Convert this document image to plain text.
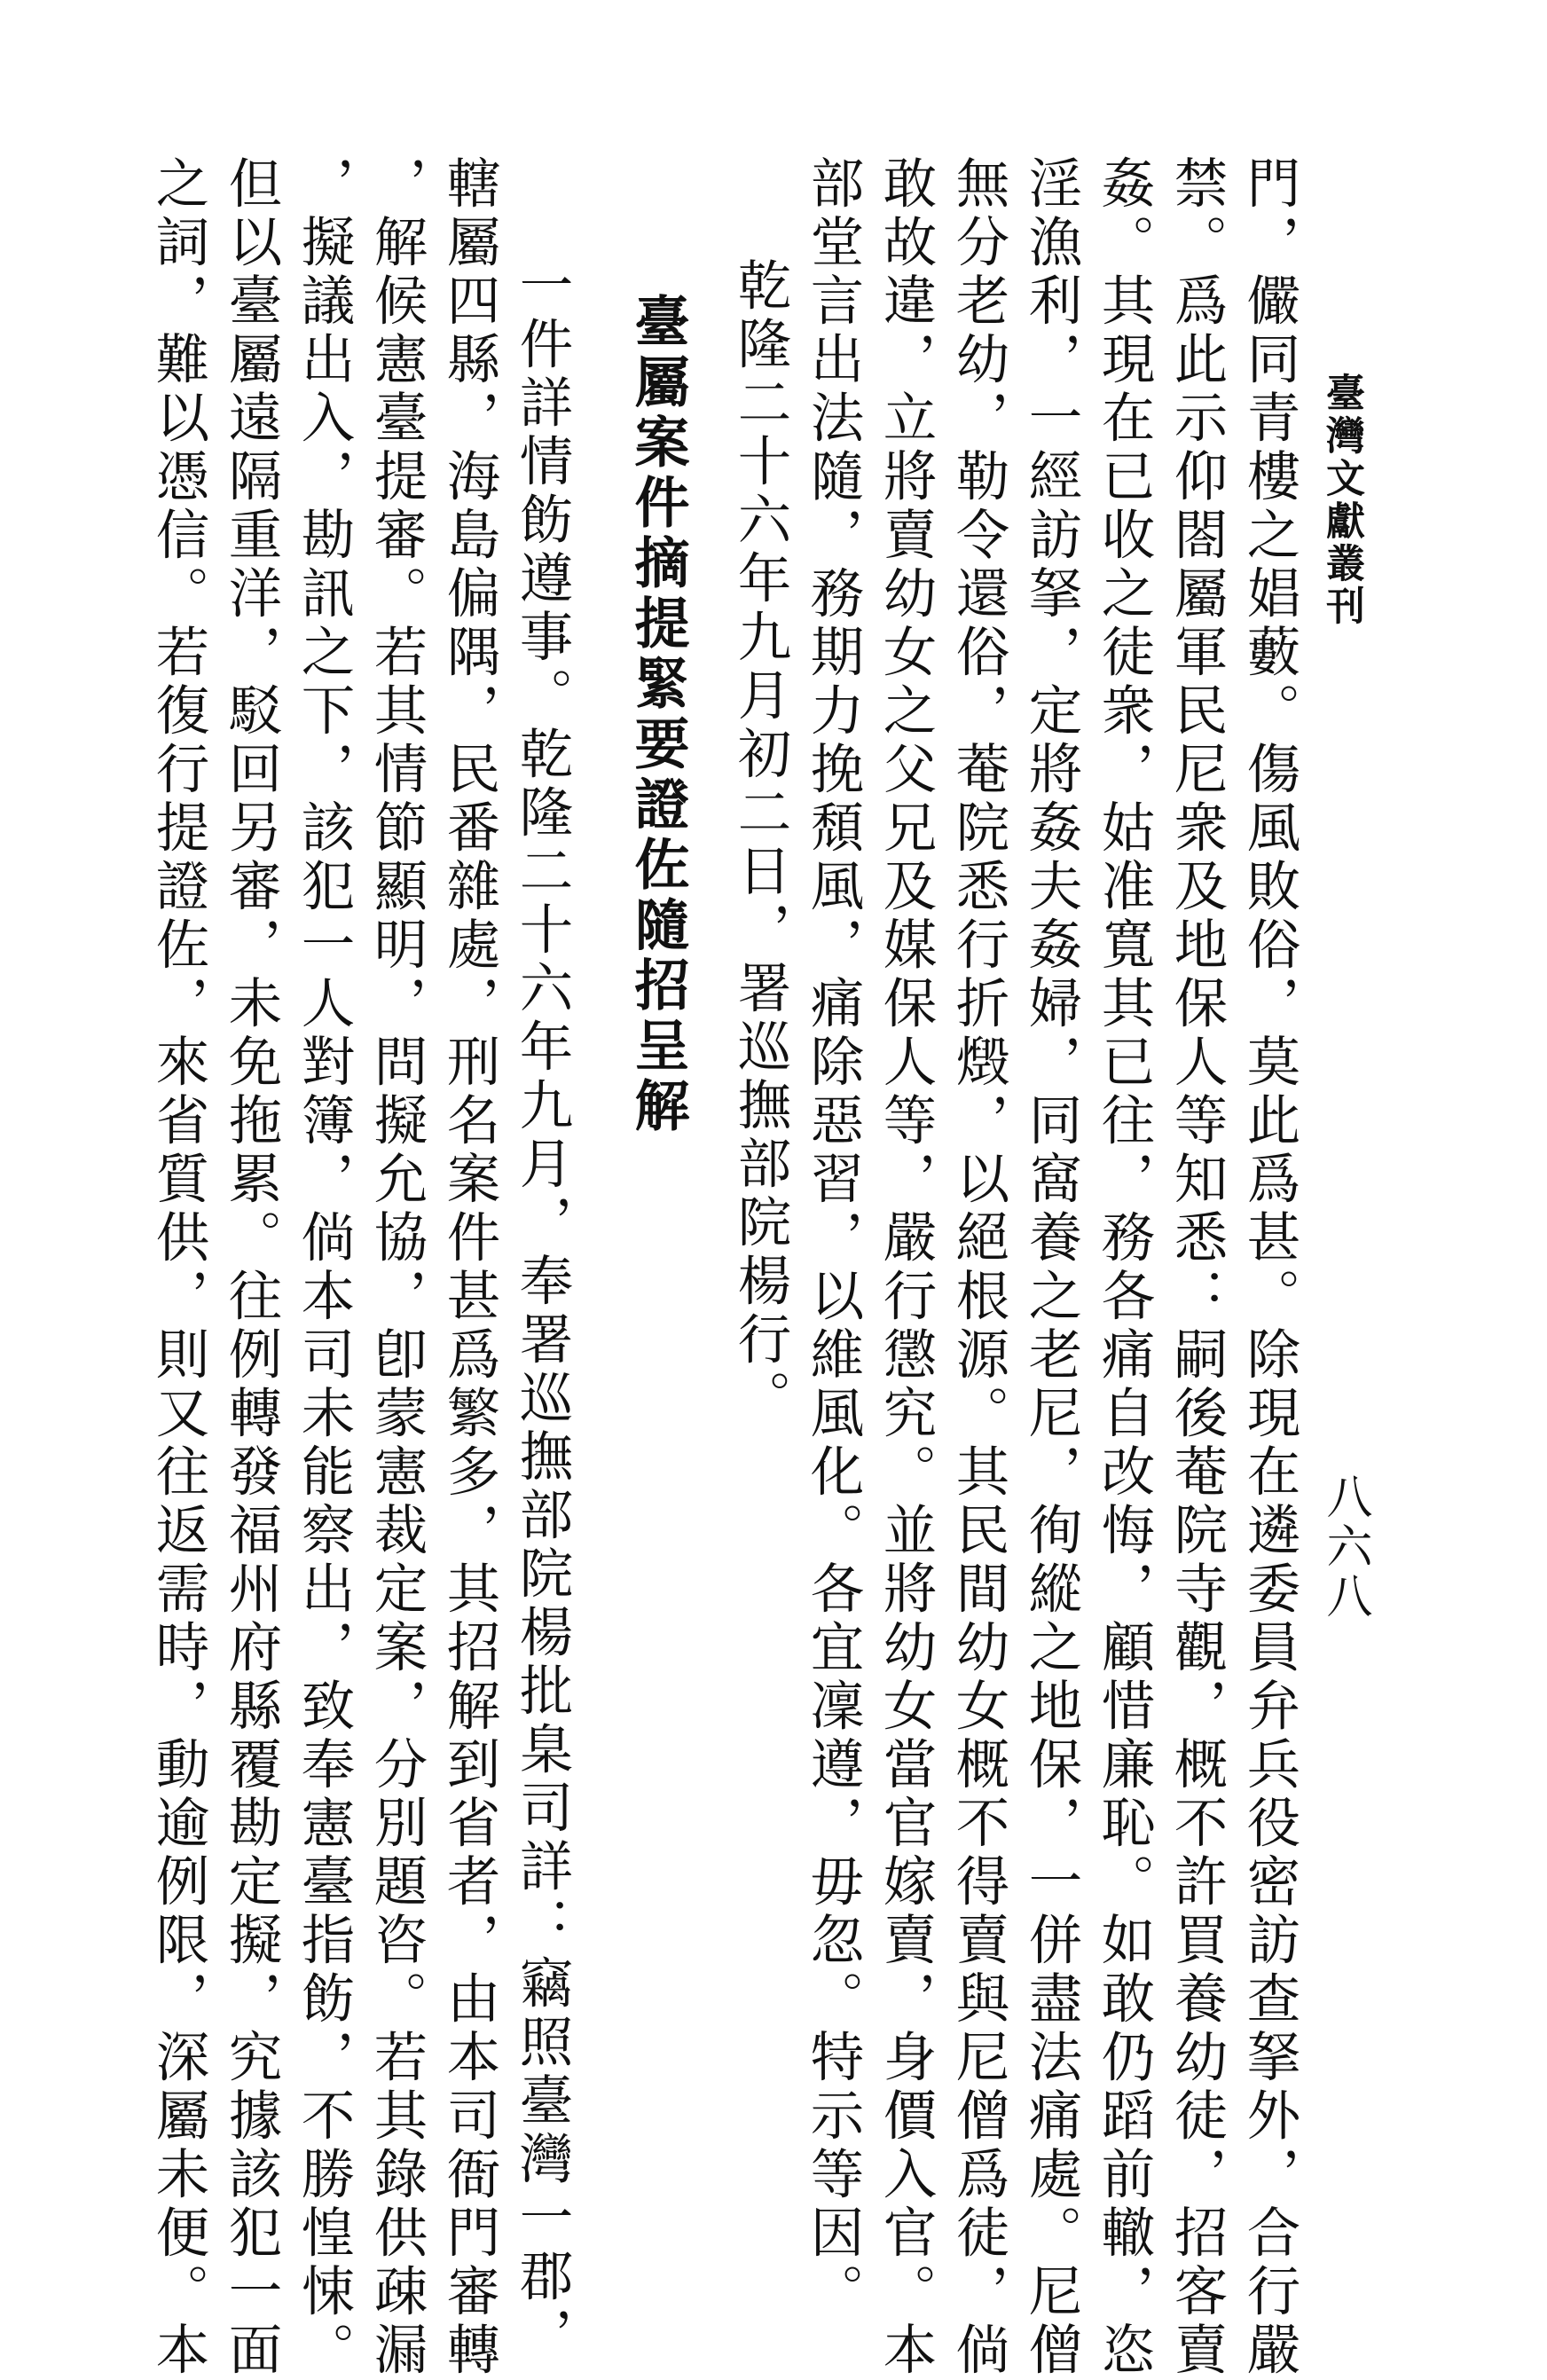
臺灣文獻叢刊
八六八
門，儼同青樓之娼藪。傷風敗俗，莫此爲甚。除現在遴委員弁兵役密訪查拏外，合行嚴
禁。爲此示仰閤屬軍民尼衆及地保人等知悉：嗣後菴院寺觀，概不許買養幼徒，招客賣
姦。其現在已收之徒衆，姑准寬其已往，務各痛自改悔，顧惜廉恥。如敢仍蹈前轍，恣
淫漁利，一經訪拏，定將姦夫姦婦，同窩養之老尼，徇縱之地保，一併盡法痛處。尼僧
無分老幼，勒令還俗，菴院悉行折燬，以絕根源。其民間幼女概不得賣與尼僧爲徒，倘
敢故違，立將賣幼女之父兄及媒保人等，嚴行懲究。並將幼女當官嫁賣，身價入官。本
部堂言出法隨，務期力挽頹風，痛除惡習，以維風化。各宜凜遵，毋忽。特示等因。
乾隆二十六年九月初二日，署巡撫部院楊行。
臺屬案件摘提緊要證佐隨招呈解
一件詳情飭遵事。乾隆二十六年九月，奉署巡撫部院楊批臬司詳：竊照臺灣一郡，
轄屬四縣，海島偏隅，民番雜處，刑名案件甚爲繁多，其招解到省者，由本司衙門審轉
，解候憲臺提審。若其情節顯明，問擬允協，卽蒙憲裁定案，分別題咨。若其錄供疎漏
，擬議出入，勘訊之下，該犯一人對簿，倘本司未能察出，致奉憲臺指飭，不勝惶悚。
但以臺屬遠隔重洋，駁回另審，未免拖累。往例轉發福州府縣覆勘定擬，究據該犯一面
之詞，難以憑信。若復行提證佐，來省質供，則又往返需時，動逾例限，深屬未便。本
